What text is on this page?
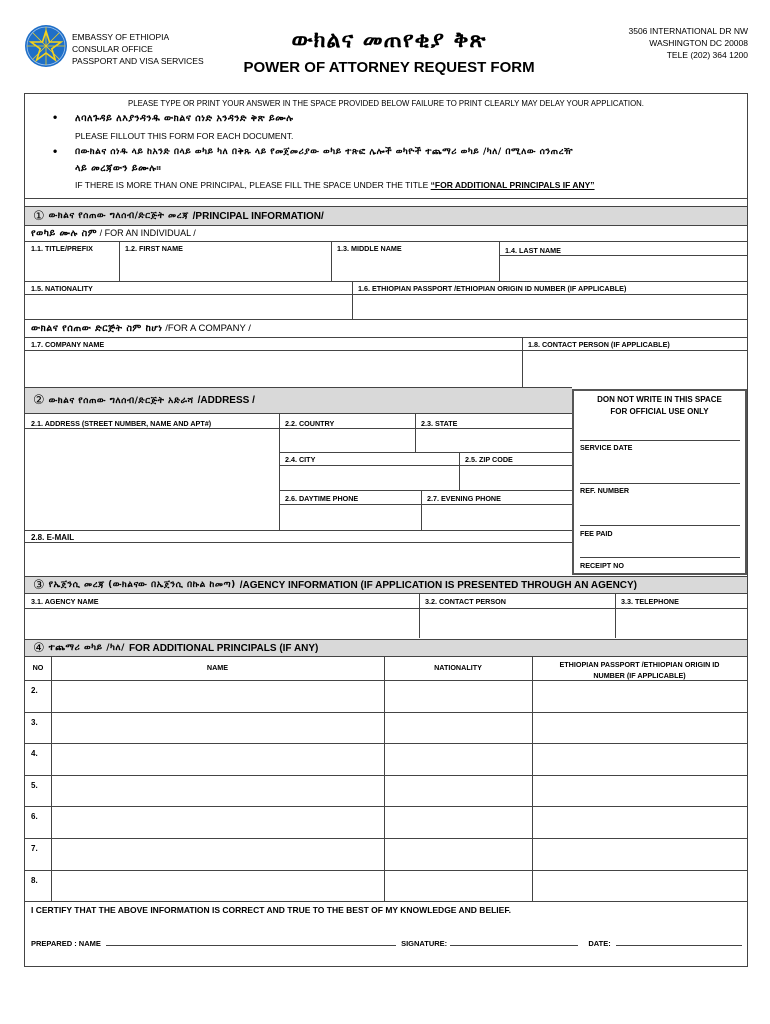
EMBASSY OF ETHIOPIA
CONSULAR OFFICE
PASSPORT AND VISA SERVICES
ውክልና መጠየቂያ ቅጽ
POWER OF ATTORNEY REQUEST FORM
3506 INTERNATIONAL DR NW
WASHINGTON DC 20008
TELE (202) 364 1200
PLEASE TYPE OR PRINT YOUR ANSWER IN THE SPACE PROVIDED BELOW FAILURE TO PRINT CLEARLY MAY DELAY YOUR APPLICATION.
• ለባለጉዳይ ለእያንዳንዱ ውክልና ሰነድ አንዳንድ ቅጽ ይሙሉ
PLEASE FILLOUT THIS FORM FOR EACH DOCUMENT.
• በውክልና ሰነዱ ላይ ከአንድ በላይ ወካይ ካለ በቅጹ ላይ የመጀመሪያው ወካይ ተጽፎ ሌሎች ወካዮች ተጨማሪ ወካይ /ካለ/ በሚለው ሰንጠረዥ
ላይ መረጃውን ይሙሉ።
IF THERE IS MORE THAN ONE PRINCIPAL, PLEASE FILL THE SPACE UNDER THE TITLE “FOR ADDITIONAL PRINCIPALS IF ANY”
① ውክልና የሰጠው ግለሰብ/ድርጅት መረጃ /PRINCIPAL INFORMATION/
የወካይ ሙሉ ስም / FOR AN INDIVIDUAL /
1.1. TITLE/PREFIX	1.2. FIRST NAME	1.3. MIDDLE NAME	1.4. LAST NAME
1.5. NATIONALITY	1.6. ETHIOPIAN PASSPORT /ETHIOPIAN ORIGIN ID NUMBER (IF APPLICABLE)
ውክልና የሰጠው ድርጅት ስም ከሆነ /FOR A COMPANY /
1.7. COMPANY NAME	1.8. CONTACT PERSON (IF APPLICABLE)
② ውክልና የሰጠው ግለሰብ/ድርጅት አድራሻ /ADDRESS /
2.1. ADDRESS (STREET NUMBER, NAME AND APT#)	2.2. COUNTRY	2.3. STATE
2.4. CITY	2.5. ZIP CODE
2.6. DAYTIME PHONE	2.7. EVENING PHONE
2.8. E-MAIL
DON NOT WRITE IN THIS SPACE
FOR OFFICIAL USE ONLY
SERVICE DATE
REF. NUMBER
FEE PAID
RECEIPT NO
③ የኤጀንሲ መረጃ (ውክልናው በኤጀንሲ በኩል ከመጣ) /AGENCY INFORMATION (IF APPLICATION IS PRESENTED THROUGH AN AGENCY)
3.1. AGENCY NAME	3.2. CONTACT PERSON	3.3. TELEPHONE
④ ተጨማሪ ወካይ /ካለ/ FOR ADDITIONAL PRINCIPALS (IF ANY)
NO	NAME	NATIONALITY	ETHIOPIAN PASSPORT /ETHIOPIAN ORIGIN ID
NUMBER (IF APPLICABLE)
2.
3.
4.
5.
6.
7.
8.
I CERTIFY THAT THE ABOVE INFORMATION IS CORRECT AND TRUE TO THE BEST OF MY KNOWLEDGE AND BELIEF.
PREPARED : NAME	SIGNATURE:	DATE:
